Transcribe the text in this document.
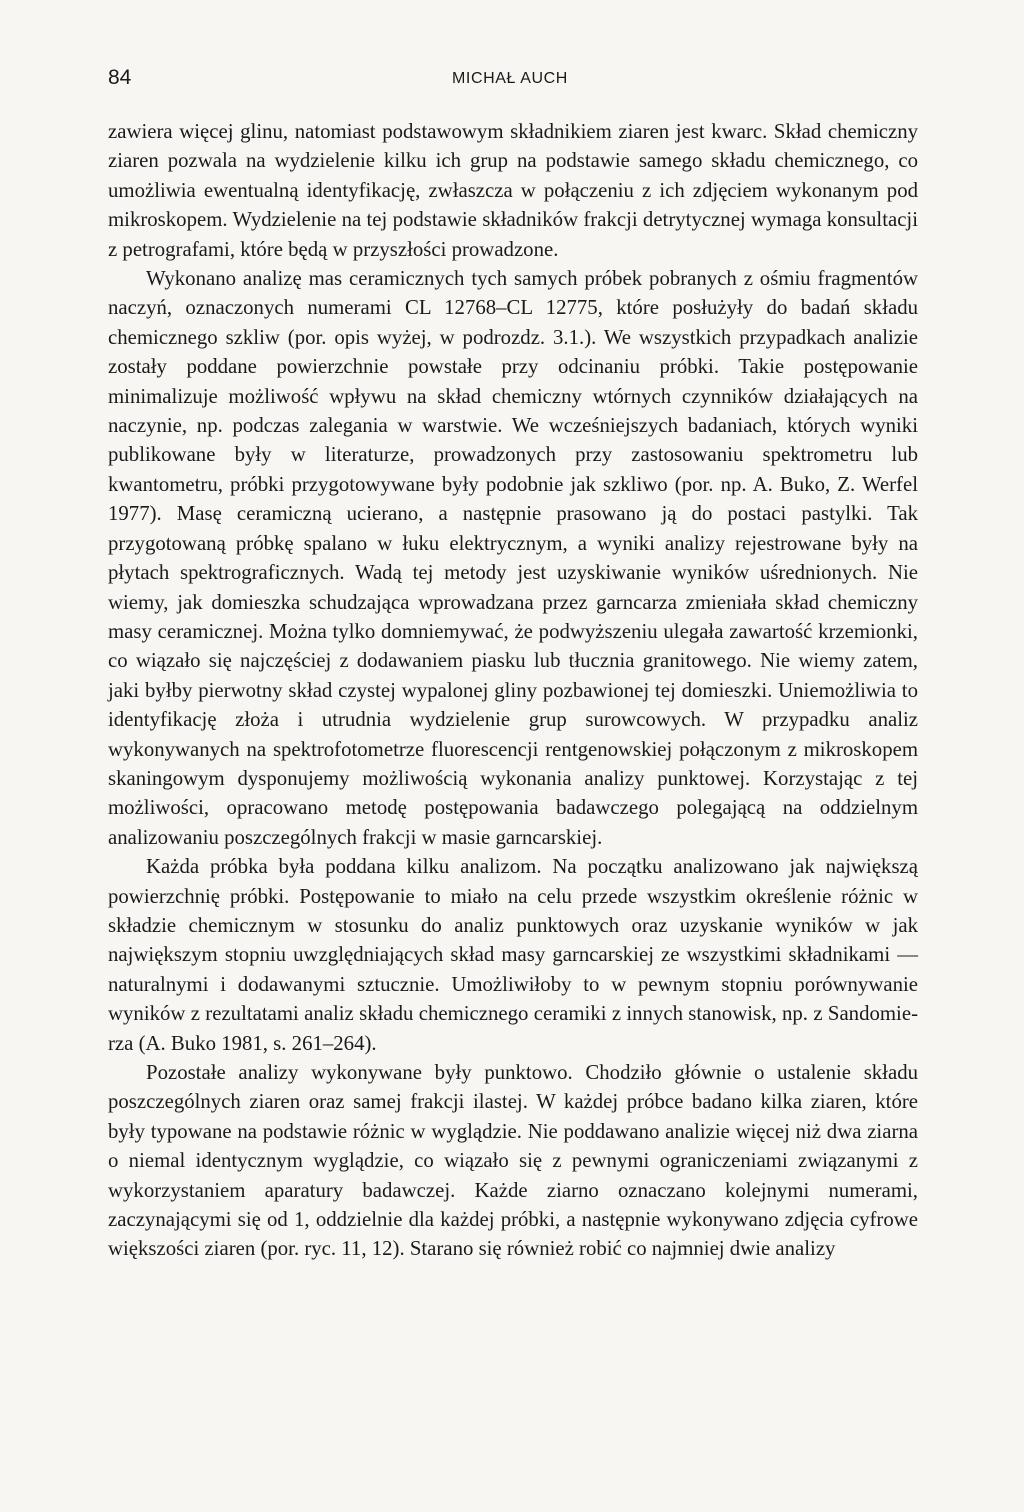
84	MICHAŁ AUCH

zawiera więcej glinu, natomiast podstawowym składnikiem ziaren jest kwarc. Skład chemiczny ziaren pozwala na wydzielenie kilku ich grup na podstawie samego składu chemicznego, co umożliwia ewentualną identyfikację, zwłaszcza w połączeniu z ich zdjęciem wykonanym pod mikroskopem. Wydzielenie na tej podstawie składników frakcji detrytycznej wymaga konsultacji z petrografami, które będą w przyszłości prowadzone.

Wykonano analizę mas ceramicznych tych samych próbek pobranych z ośmiu fragmentów naczyń, oznaczonych numerami CL 12768–CL 12775, które posłużyły do badań składu chemicznego szkliw (por. opis wyżej, w podrozdz. 3.1.). We wszystkich przypadkach analizie zostały poddane powierzchnie powstałe przy odcinaniu próbki. Takie postępowanie minimalizuje możliwość wpływu na skład chemiczny wtórnych czynników działających na naczynie, np. podczas zalegania w warstwie. We wcześniejszych badaniach, których wyniki publikowane były w literaturze, prowadzonych przy zastosowaniu spektrometru lub kwantometru, próbki przygotowywane były podobnie jak szkliwo (por. np. A. Buko, Z. Werfel 1977). Masę ceramiczną ucierano, a następnie prasowano ją do postaci pastylki. Tak przygotowaną próbkę spalano w łuku elektrycznym, a wyniki analizy rejestrowane były na płytach spektrograficznych. Wadą tej metody jest uzyskiwanie wyników uśrednionych. Nie wiemy, jak domieszka schudzająca wprowadzana przez garncarza zmieniała skład chemiczny masy ceramicznej. Można tylko domniemywać, że podwyższeniu ulegała zawartość krzemionki, co wiązało się najczęściej z dodawaniem piasku lub tłucznia granitowego. Nie wiemy zatem, jaki byłby pierwotny skład czystej wypalonej gliny pozbawionej tej domieszki. Uniemożliwia to identyfikację złoża i utrudnia wydzielenie grup surowcowych. W przypadku analiz wykonywanych na spektrofotometrze fluorescencji rentgenowskiej połączonym z mikroskopem skaningowym dysponujemy możliwością wykonania analizy punktowej. Korzystając z tej możliwości, opracowano metodę postępowania badawczego polegającą na oddzielnym analizowaniu poszczególnych frakcji w masie garncarskiej.

Każda próbka była poddana kilku analizom. Na początku analizowano jak największą powierzchnię próbki. Postępowanie to miało na celu przede wszystkim określenie różnic w składzie chemicznym w stosunku do analiz punktowych oraz uzyskanie wyników w jak największym stopniu uwzględniających skład masy garncarskiej ze wszystkimi składnikami — naturalnymi i dodawanymi sztucznie. Umożliwiłoby to w pewnym stopniu porównywanie wyników z rezultatami analiz składu chemicznego ceramiki z innych stanowisk, np. z Sandomierza (A. Buko 1981, s. 261–264).

Pozostałe analizy wykonywane były punktowo. Chodziło głównie o ustalenie składu poszczególnych ziaren oraz samej frakcji ilastej. W każdej próbce badano kilka ziaren, które były typowane na podstawie różnic w wyglądzie. Nie poddawano analizie więcej niż dwa ziarna o niemal identycznym wyglądzie, co wiązało się z pewnymi ograniczeniami związanymi z wykorzystaniem aparatury badawczej. Każde ziarno oznaczano kolejnymi numerami, zaczynającymi się od 1, oddzielnie dla każdej próbki, a następnie wykonywano zdjęcia cyfrowe większości ziaren (por. ryc. 11, 12). Starano się również robić co najmniej dwie analizy
